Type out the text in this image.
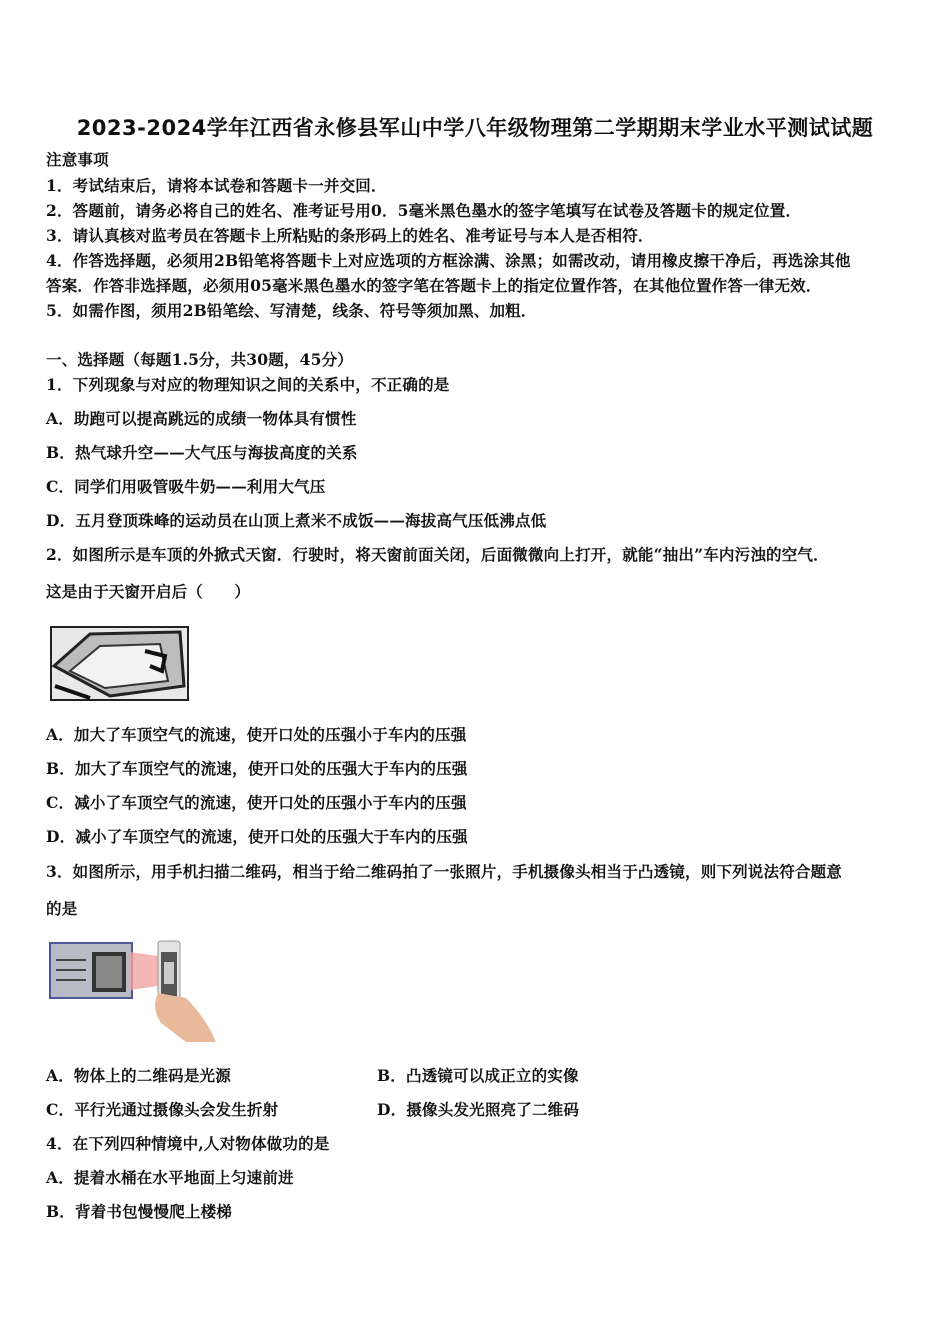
2023-2024学年江西省永修县军山中学八年级物理第二学期期末学业水平测试试题
注意事项
1．考试结束后，请将本试卷和答题卡一并交回．
2．答题前，请务必将自己的姓名、准考证号用0．5毫米黑色墨水的签字笔填写在试卷及答题卡的规定位置．
3．请认真核对监考员在答题卡上所粘贴的条形码上的姓名、准考证号与本人是否相符．
4．作答选择题，必须用2B铅笔将答题卡上对应选项的方框涂满、涂黑；如需改动，请用橡皮擦干净后，再选涂其他
答案．作答非选择题，必须用05毫米黑色墨水的签字笔在答题卡上的指定位置作答，在其他位置作答一律无效．
5．如需作图，须用2B铅笔绘、写清楚，线条、符号等须加黑、加粗．
一、选择题（每题1.5分，共30题，45分）
1．下列现象与对应的物理知识之间的关系中，不正确的是
A．助跑可以提高跳远的成绩一物体具有惯性
B．热气球升空——大气压与海拔高度的关系
C．同学们用吸管吸牛奶——利用大气压
D．五月登顶珠峰的运动员在山顶上煮米不成饭——海拔高气压低沸点低
2．如图所示是车顶的外掀式天窗．行驶时，将天窗前面关闭，后面微微向上打开，就能“抽出”车内污浊的空气．
这是由于天窗开启后（　　）
A．加大了车顶空气的流速，使开口处的压强小于车内的压强
B．加大了车顶空气的流速，使开口处的压强大于车内的压强
C．减小了车顶空气的流速，使开口处的压强小于车内的压强
D．减小了车顶空气的流速，使开口处的压强大于车内的压强
3．如图所示，用手机扫描二维码，相当于给二维码拍了一张照片，手机摄像头相当于凸透镜，则下列说法符合题意
的是
A．物体上的二维码是光源	B．凸透镜可以成正立的实像
C．平行光通过摄像头会发生折射	D．摄像头发光照亮了二维码
4．在下列四种情境中,人对物体做功的是
A．提着水桶在水平地面上匀速前进
B．背着书包慢慢爬上楼梯
